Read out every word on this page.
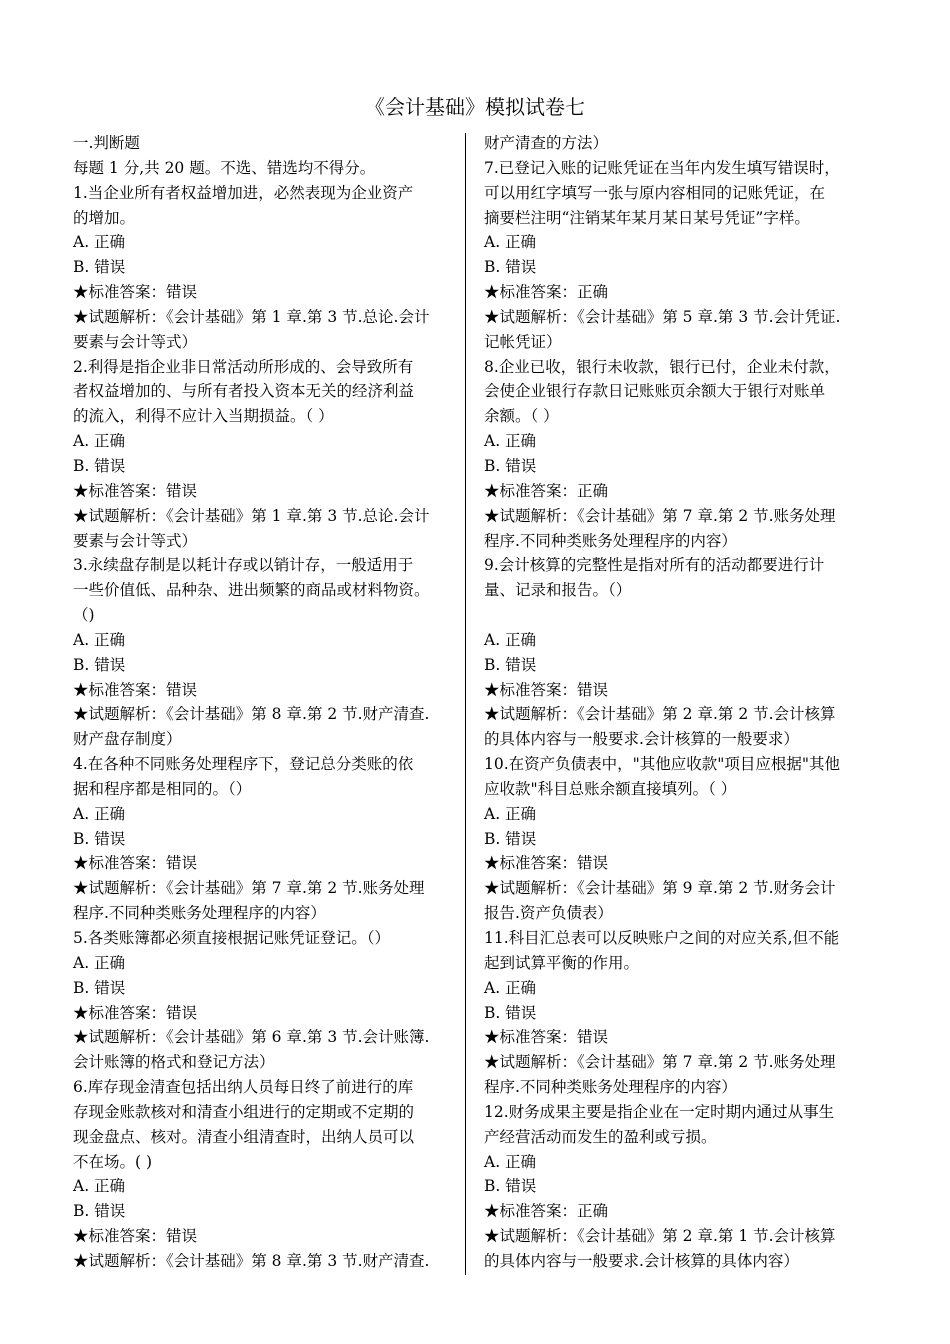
《会计基础》模拟试卷七
一.判断题
每题 1 分,共 20 题。不选、错选均不得分。
1.当企业所有者权益增加进，必然表现为企业资产
的增加。
A. 正确
B. 错误
★标准答案：错误
★试题解析：《会计基础》第 1 章.第 3 节.总论.会计
要素与会计等式）
2.利得是指企业非日常活动所形成的、会导致所有
者权益增加的、与所有者投入资本无关的经济利益
的流入，利得不应计入当期损益。（ ）
A. 正确
B. 错误
★标准答案：错误
★试题解析：《会计基础》第 1 章.第 3 节.总论.会计
要素与会计等式）
3.永续盘存制是以耗计存或以销计存，一般适用于
一些价值低、品种杂、进出频繁的商品或材料物资。
（)
A. 正确
B. 错误
★标准答案：错误
★试题解析：《会计基础》第 8 章.第 2 节.财产清查.
财产盘存制度）
4.在各种不同账务处理程序下，登记总分类账的依
据和程序都是相同的。（）
A. 正确
B. 错误
★标准答案：错误
★试题解析：《会计基础》第 7 章.第 2 节.账务处理
程序.不同种类账务处理程序的内容）
5.各类账簿都必须直接根据记账凭证登记。（）
A. 正确
B. 错误
★标准答案：错误
★试题解析：《会计基础》第 6 章.第 3 节.会计账簿.
会计账簿的格式和登记方法）
6.库存现金清查包括出纳人员每日终了前进行的库
存现金账款核对和清查小组进行的定期或不定期的
现金盘点、核对。清查小组清查时，出纳人员可以
不在场。( )
A. 正确
B. 错误
★标准答案：错误
★试题解析：《会计基础》第 8 章.第 3 节.财产清查.
财产清查的方法）
7.已登记入账的记账凭证在当年内发生填写错误时，
可以用红字填写一张与原内容相同的记账凭证，在
摘要栏注明“注销某年某月某日某号凭证”字样。
A. 正确
B. 错误
★标准答案：正确
★试题解析：《会计基础》第 5 章.第 3 节.会计凭证.
记帐凭证）
8.企业已收，银行未收款，银行已付，企业未付款，
会使企业银行存款日记账账页余额大于银行对账单
余额。（ ）
A. 正确
B. 错误
★标准答案：正确
★试题解析：《会计基础》第 7 章.第 2 节.账务处理
程序.不同种类账务处理程序的内容）
9.会计核算的完整性是指对所有的活动都要进行计
量、记录和报告。（）
A. 正确
B. 错误
★标准答案：错误
★试题解析：《会计基础》第 2 章.第 2 节.会计核算
的具体内容与一般要求.会计核算的一般要求）
10.在资产负债表中，"其他应收款"项目应根据"其他
应收款"科目总账余额直接填列。（ ）
A. 正确
B. 错误
★标准答案：错误
★试题解析：《会计基础》第 9 章.第 2 节.财务会计
报告.资产负债表）
11.科目汇总表可以反映账户之间的对应关系,但不能
起到试算平衡的作用。
A. 正确
B. 错误
★标准答案：错误
★试题解析：《会计基础》第 7 章.第 2 节.账务处理
程序.不同种类账务处理程序的内容）
12.财务成果主要是指企业在一定时期内通过从事生
产经营活动而发生的盈利或亏损。
A. 正确
B. 错误
★标准答案：正确
★试题解析：《会计基础》第 2 章.第 1 节.会计核算
的具体内容与一般要求.会计核算的具体内容）
